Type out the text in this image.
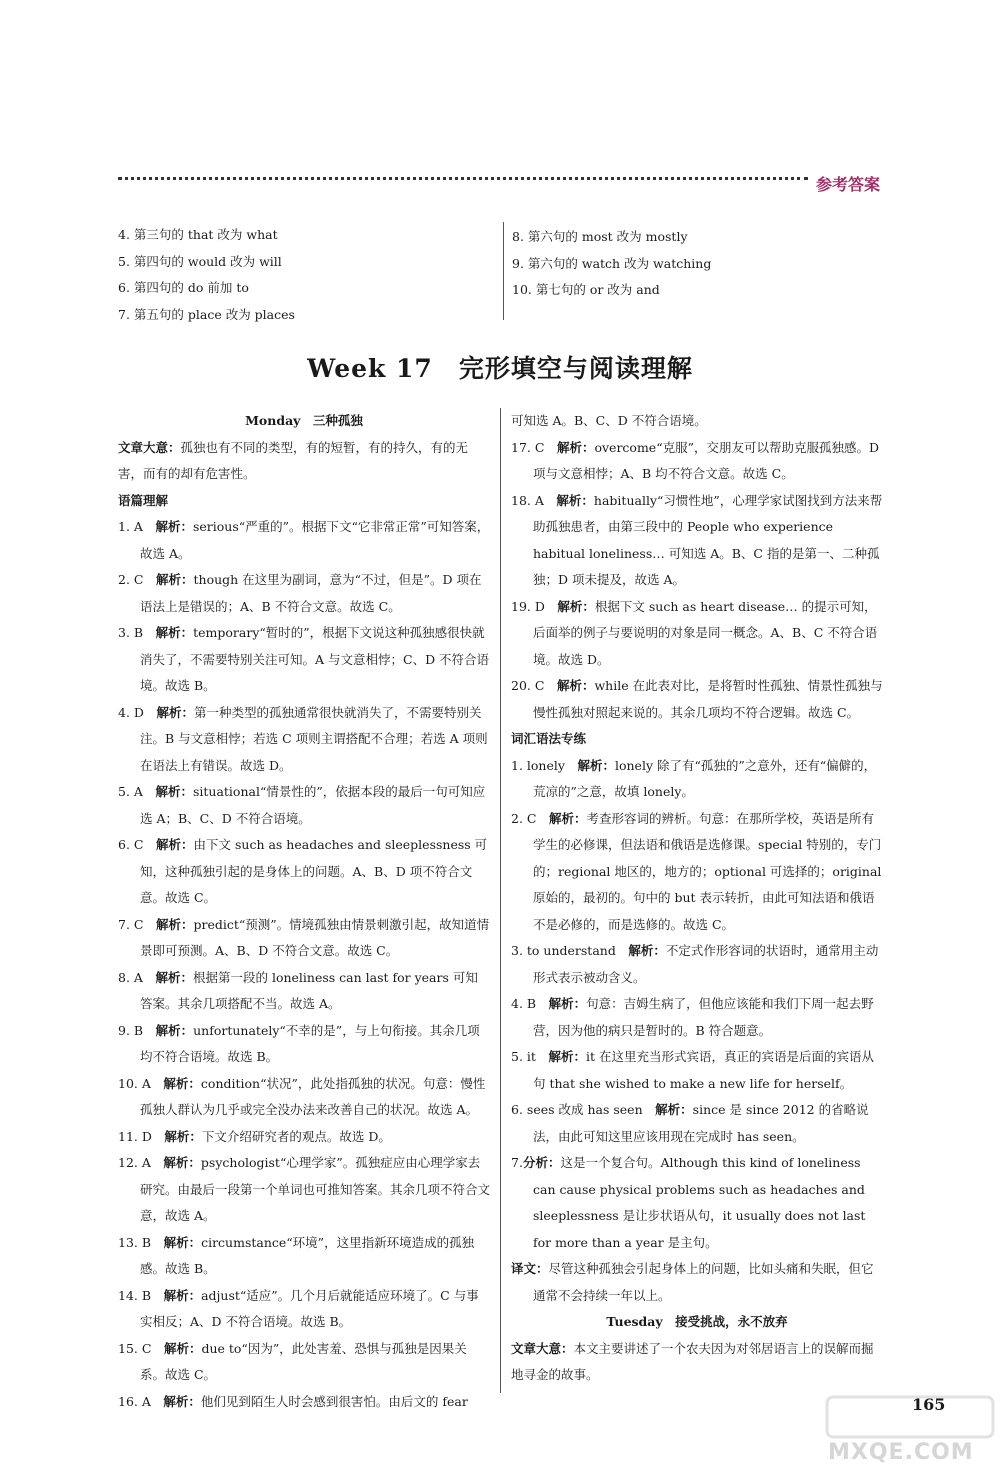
参考答案
4. 第三句的 that 改为 what
5. 第四句的 would 改为 will
6. 第四句的 do 前加 to
7. 第五句的 place 改为 places
8. 第六句的 most 改为 mostly
9. 第六句的 watch 改为 watching
10. 第七句的 or 改为 and
Week 17　完形填空与阅读理解
Monday　三种孤独
文章大意：孤独也有不同的类型，有的短暂，有的持久，有的无害，而有的却有危害性。
语篇理解
1. A　 解析：serious“严重的”。根据下文“它非常正常”可知答案，故选 A。
2. C　 解析：though 在这里为副词，意为“不过，但是”。D 项在语法上是错误的；A、B 不符合文意。故选 C。
3. B　 解析：temporary“暂时的”，根据下文说这种孤独感很快就消失了，不需要特别关注可知。A 与文意相悖；C、D 不符合语境。故选 B。
4. D　 解析：第一种类型的孤独通常很快就消失了，不需要特别关注。B 与文意相悖；若选 C 项则主谓搭配不合理；若选 A 项则在语法上有错误。故选 D。
5. A　 解析：situational“情景性的”，依据本段的最后一句可知应选 A；B、C、D 不符合语境。
6. C　 解析：由下文 such as headaches and sleeplessness 可知，这种孤独引起的是身体上的问题。A、B、D 项不符合文意。故选 C。
7. C　 解析：predict“预测”。情境孤独由情景刺激引起，故知道情景即可预测。A、B、D 不符合文意。故选 C。
8. A　 解析：根据第一段的 loneliness can last for years 可知答案。其余几项搭配不当。故选 A。
9. B　 解析：unfortunately“不幸的是”，与上句衔接。其余几项均不符合语境。故选 B。
10. A　 解析：condition“状况”，此处指孤独的状况。句意：慢性孤独人群认为几乎或完全没办法来改善自己的状况。故选 A。
11. D　 解析：下文介绍研究者的观点。故选 D。
12. A　 解析：psychologist“心理学家”。孤独症应由心理学家去研究。由最后一段第一个单词也可推知答案。其余几项不符合文意，故选 A。
13. B　 解析：circumstance“环境”，这里指新环境造成的孤独感。故选 B。
14. B　 解析：adjust“适应”。几个月后就能适应环境了。C 与事实相反；A、D 不符合语境。故选 B。
15. C　 解析：due to“因为”，此处害羞、恐惧与孤独是因果关系。故选 C。
16. A　 解析：他们见到陌生人时会感到很害怕。由后文的 fear
可知选 A。B、C、D 不符合语境。
17. C　 解析：overcome“克服”，交朋友可以帮助克服孤独感。D 项与文意相悖；A、B 均不符合文意。故选 C。
18. A　 解析：habitually“习惯性地”，心理学家试图找到方法来帮助孤独患者，由第三段中的 People who experience habitual loneliness… 可知选 A。B、C 指的是第一、二种孤独；D 项未提及，故选 A。
19. D　 解析：根据下文 such as heart disease… 的提示可知，后面举的例子与要说明的对象是同一概念。A、B、C 不符合语境。故选 D。
20. C　 解析：while 在此表对比，是将暂时性孤独、情景性孤独与慢性孤独对照起来说的。其余几项均不符合逻辑。故选 C。
词汇语法专练
1. lonely　 解析：lonely 除了有“孤独的”之意外，还有“偏僻的，荒凉的”之意，故填 lonely。
2. C　 解析：考查形容词的辨析。句意：在那所学校，英语是所有学生的必修课，但法语和俄语是选修课。special 特别的，专门的；regional 地区的，地方的；optional 可选择的；original 原始的，最初的。句中的 but 表示转折，由此可知法语和俄语不是必修的，而是选修的。故选 C。
3. to understand　 解析：不定式作形容词的状语时，通常用主动形式表示被动含义。
4. B　 解析：句意：吉姆生病了，但他应该能和我们下周一起去野营，因为他的病只是暂时的。B 符合题意。
5. it　 解析：it 在这里充当形式宾语，真正的宾语是后面的宾语从句 that she wished to make a new life for herself。
6. sees 改成 has seen　 解析：since 是 since 2012 的省略说法，由此可知这里应该用现在完成时 has seen。
7.分析：这是一个复合句。Although this kind of loneliness can cause physical problems such as headaches and sleeplessness 是让步状语从句，it usually does not last for more than a year 是主句。
译文：尽管这种孤独会引起身体上的问题，比如头痛和失眠，但它通常不会持续一年以上。
Tuesday　接受挑战，永不放弃
文章大意：本文主要讲述了一个农夫因为对邻居语言上的误解而掘地寻金的故事。
165
MXQE.COM
